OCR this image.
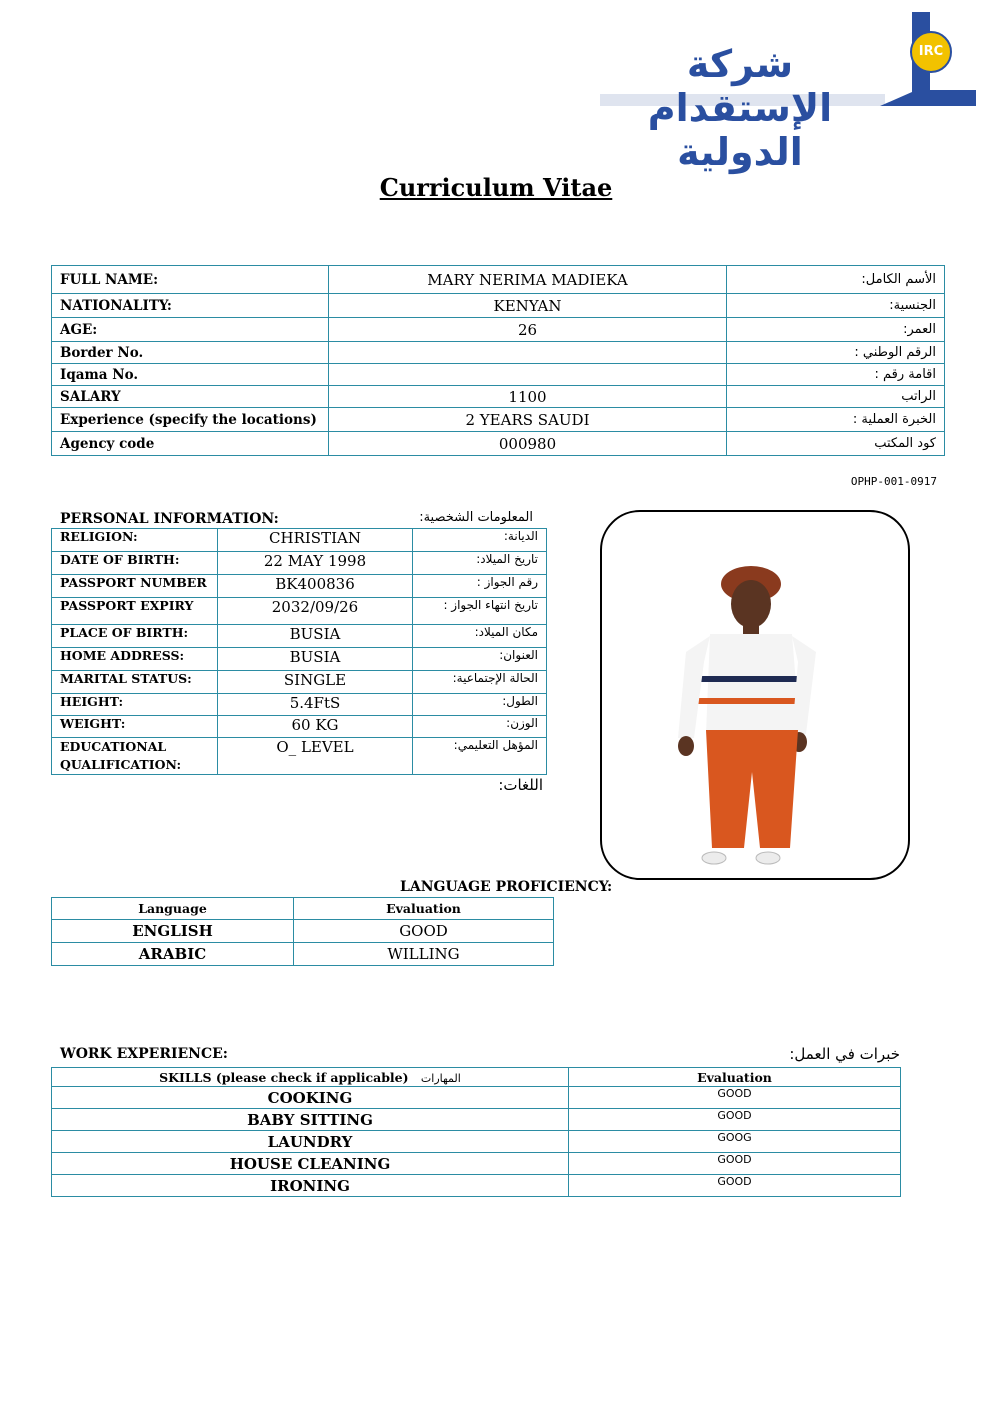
شركة الإستقدام الدولية
IRC
Curriculum Vitae
FULL NAME:	MARY NERIMA MADIEKA	الأسم الكامل:
NATIONALITY:	KENYAN	الجنسية:
AGE:	26	العمر:
Border No.		الرقم الوطني :
Iqama No.		اقامة رقم :
SALARY	1100	الراتب
Experience (specify the locations)	2 YEARS SAUDI	الخبرة العملية :
Agency code	000980	كود المكتب
OPHP-001-0917
PERSONAL INFORMATION:	المعلومات الشخصية:
RELIGION:	CHRISTIAN	الديانة:
DATE OF BIRTH:	22 MAY 1998	تاريخ الميلاد:
PASSPORT NUMBER	BK400836	رقم الجواز :
PASSPORT EXPIRY	2032/09/26	تاريخ انتهاء الجواز :
PLACE OF BIRTH:	BUSIA	مكان الميلاد:
HOME ADDRESS:	BUSIA	العنوان:
MARITAL STATUS:	SINGLE	الحالة الإجتماعية:
HEIGHT:	5.4FtS	الطول:
WEIGHT:	60 KG	الوزن:
EDUCATIONAL QUALIFICATION:	O_ LEVEL	المؤهل التعليمي:
اللغات:
LANGUAGE PROFICIENCY:
Language	Evaluation
ENGLISH	GOOD
ARABIC	WILLING
WORK EXPERIENCE:	خبرات في العمل:
SKILLS (please check if applicable) المهارات	Evaluation
COOKING	GOOD
BABY SITTING	GOOD
LAUNDRY	GOOG
HOUSE CLEANING	GOOD
IRONING	GOOD
